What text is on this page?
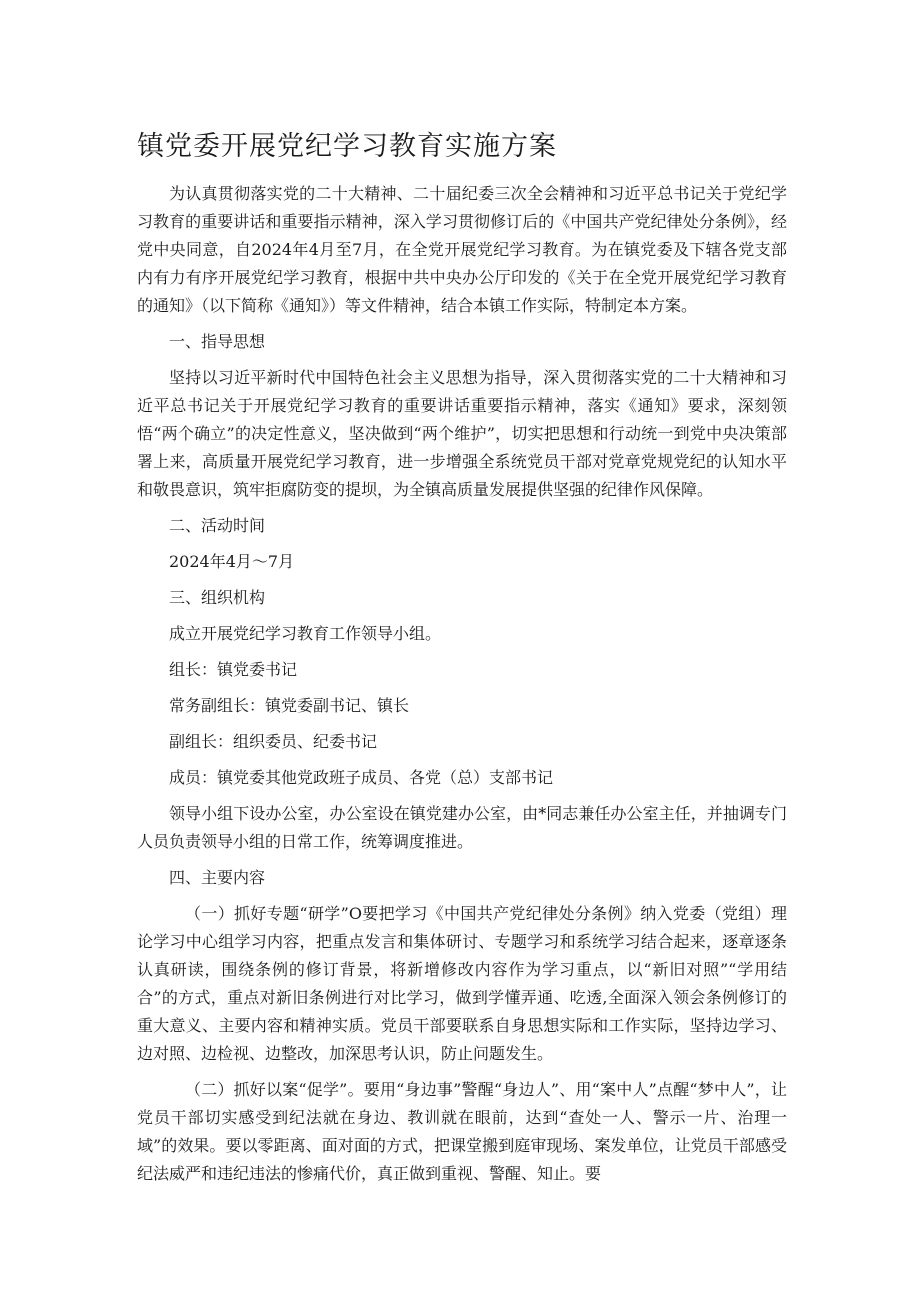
镇党委开展党纪学习教育实施方案

为认真贯彻落实党的二十大精神、二十届纪委三次全会精神和习近平总书记关于党纪学习教育的重要讲话和重要指示精神，深入学习贯彻修订后的《中国共产党纪律处分条例》，经党中央同意，自2024年4月至7月，在全党开展党纪学习教育。为在镇党委及下辖各党支部内有力有序开展党纪学习教育，根据中共中央办公厅印发的《关于在全党开展党纪学习教育的通知》（以下简称《通知》）等文件精神，结合本镇工作实际，特制定本方案。

一、指导思想

坚持以习近平新时代中国特色社会主义思想为指导，深入贯彻落实党的二十大精神和习近平总书记关于开展党纪学习教育的重要讲话重要指示精神，落实《通知》要求，深刻领悟“两个确立”的决定性意义，坚决做到“两个维护”，切实把思想和行动统一到党中央决策部署上来，高质量开展党纪学习教育，进一步增强全系统党员干部对党章党规党纪的认知水平和敬畏意识，筑牢拒腐防变的提坝，为全镇高质量发展提供坚强的纪律作风保障。

二、活动时间

2024年4月～7月

三、组织机构

成立开展党纪学习教育工作领导小组。

组长：镇党委书记

常务副组长：镇党委副书记、镇长

副组长：组织委员、纪委书记

成员：镇党委其他党政班子成员、各党（总）支部书记

领导小组下设办公室，办公室设在镇党建办公室，由*同志兼任办公室主任，并抽调专门人员负责领导小组的日常工作，统筹调度推进。

四、主要内容

（一）抓好专题“研学”O要把学习《中国共产党纪律处分条例》纳入党委（党组）理论学习中心组学习内容，把重点发言和集体研讨、专题学习和系统学习结合起来，逐章逐条认真研读，围绕条例的修订背景，将新增修改内容作为学习重点，以“新旧对照”“学用结合”的方式，重点对新旧条例进行对比学习，做到学懂弄通、吃透,全面深入领会条例修订的重大意义、主要内容和精神实质。党员干部要联系自身思想实际和工作实际，坚持边学习、边对照、边检视、边整改，加深思考认识，防止问题发生。

（二）抓好以案“促学”。要用“身边事”警醒“身边人”、用“案中人”点醒“梦中人”，让党员干部切实感受到纪法就在身边、教训就在眼前，达到“查处一人、警示一片、治理一域”的效果。要以零距离、面对面的方式，把课堂搬到庭审现场、案发单位，让党员干部感受纪法威严和违纪违法的惨痛代价，真正做到重视、警醒、知止。要
